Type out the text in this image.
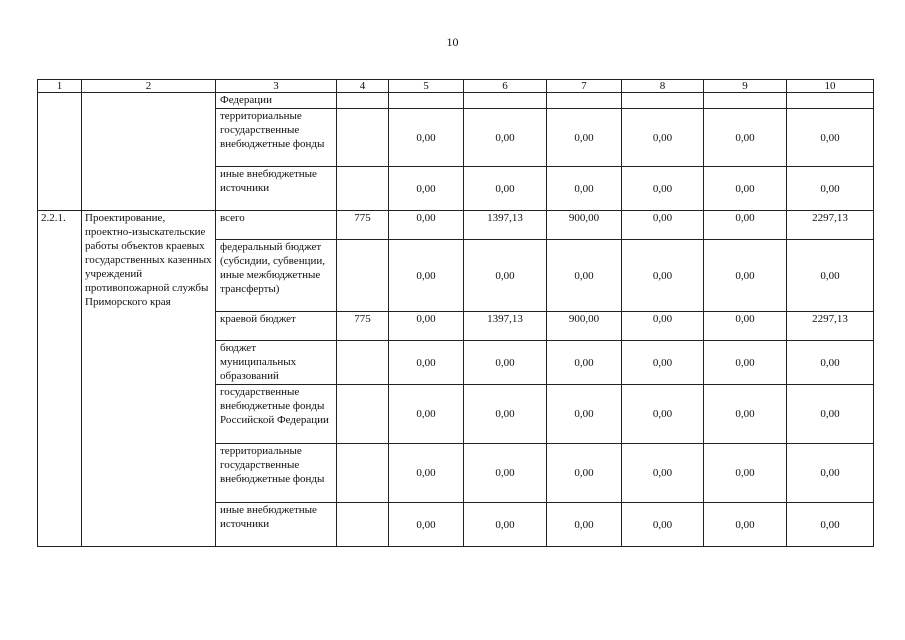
10
1	2	3	4	5	6	7	8	9	10
		Федерации							
		территориальные государственные внебюджетные фонды		0,00	0,00	0,00	0,00	0,00	0,00
		иные внебюджетные источники		0,00	0,00	0,00	0,00	0,00	0,00
2.2.1.	Проектирование, проектно-изыскательские работы объектов краевых государственных казенных учреждений противопожарной службы Приморского края	всего	775	0,00	1397,13	900,00	0,00	0,00	2297,13
		федеральный бюджет (субсидии, субвенции, иные межбюджетные трансферты)		0,00	0,00	0,00	0,00	0,00	0,00
		краевой бюджет	775	0,00	1397,13	900,00	0,00	0,00	2297,13
		бюджет муниципальных образований		0,00	0,00	0,00	0,00	0,00	0,00
		государственные внебюджетные фонды Российской Федерации		0,00	0,00	0,00	0,00	0,00	0,00
		территориальные государственные внебюджетные фонды		0,00	0,00	0,00	0,00	0,00	0,00
		иные внебюджетные источники		0,00	0,00	0,00	0,00	0,00	0,00
